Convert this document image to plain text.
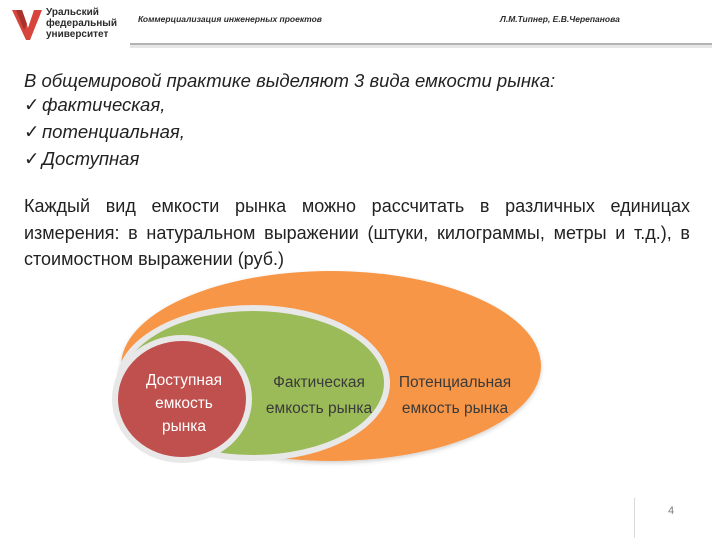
Уральский
федеральный
университет
Коммерциализация инженерных проектов	Л.М.Типнер, Е.В.Черепанова
В общемировой практике выделяют 3 вида емкости рынка:
✓ фактическая,
✓ потенциальная,
✓ Доступная
Каждый вид емкости рынка можно рассчитать в различных единицах измерения: в натуральном выражении (штуки, килограммы, метры и т.д.), в стоимостном выражении (руб.)
Доступная
емкость
рынка
Фактическая
емкость рынка
Потенциальная
емкость рынка
4
